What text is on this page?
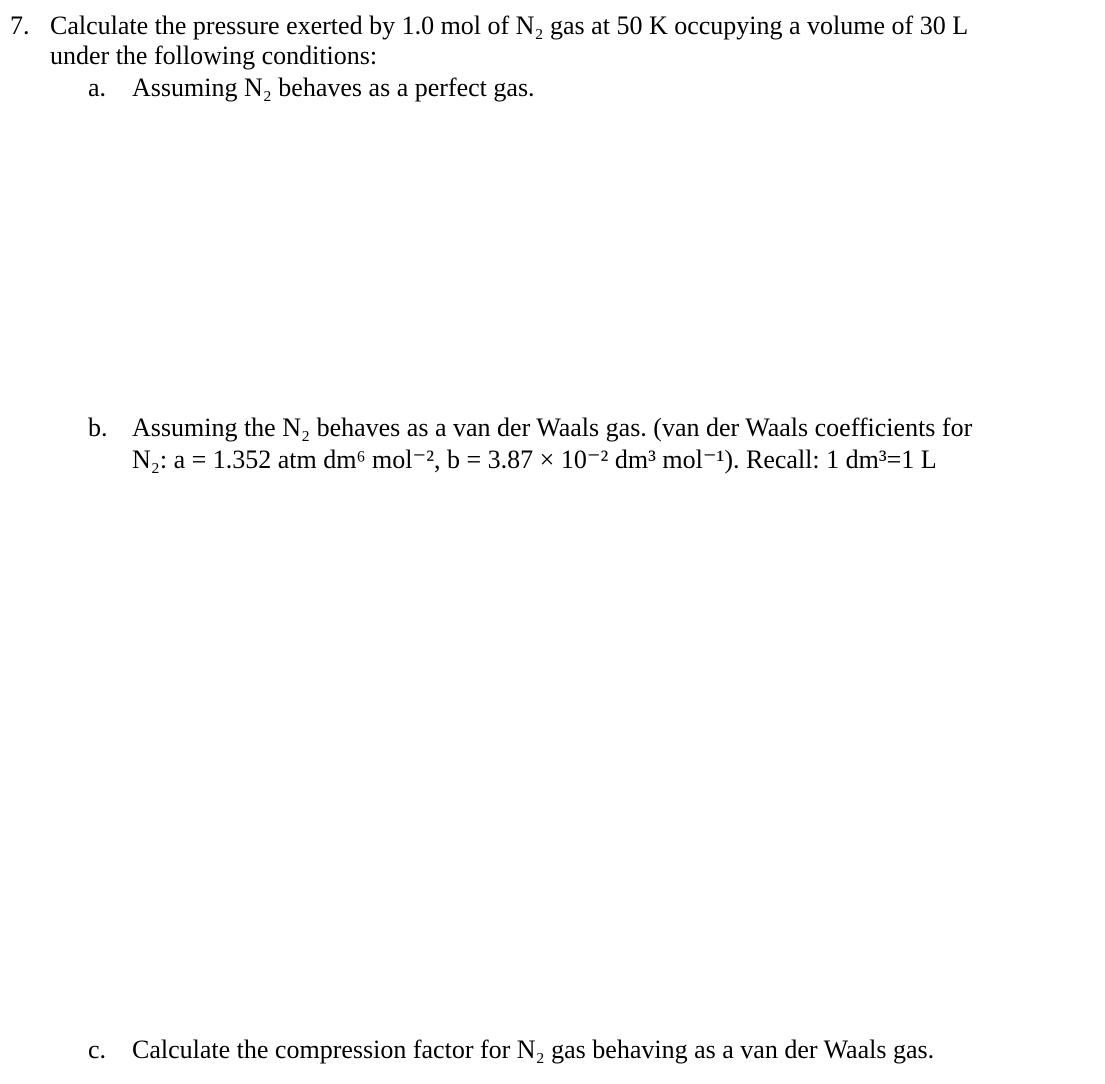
7. Calculate the pressure exerted by 1.0 mol of N₂ gas at 50 K occupying a volume of 30 L
under the following conditions:
a. Assuming N₂ behaves as a perfect gas.
b. Assuming the N₂ behaves as a van der Waals gas. (van der Waals coefficients for
N₂: a = 1.352 atm dm⁶ mol⁻², b = 3.87 × 10⁻² dm³ mol⁻¹). Recall: 1 dm³=1 L
c. Calculate the compression factor for N₂ gas behaving as a van der Waals gas.
